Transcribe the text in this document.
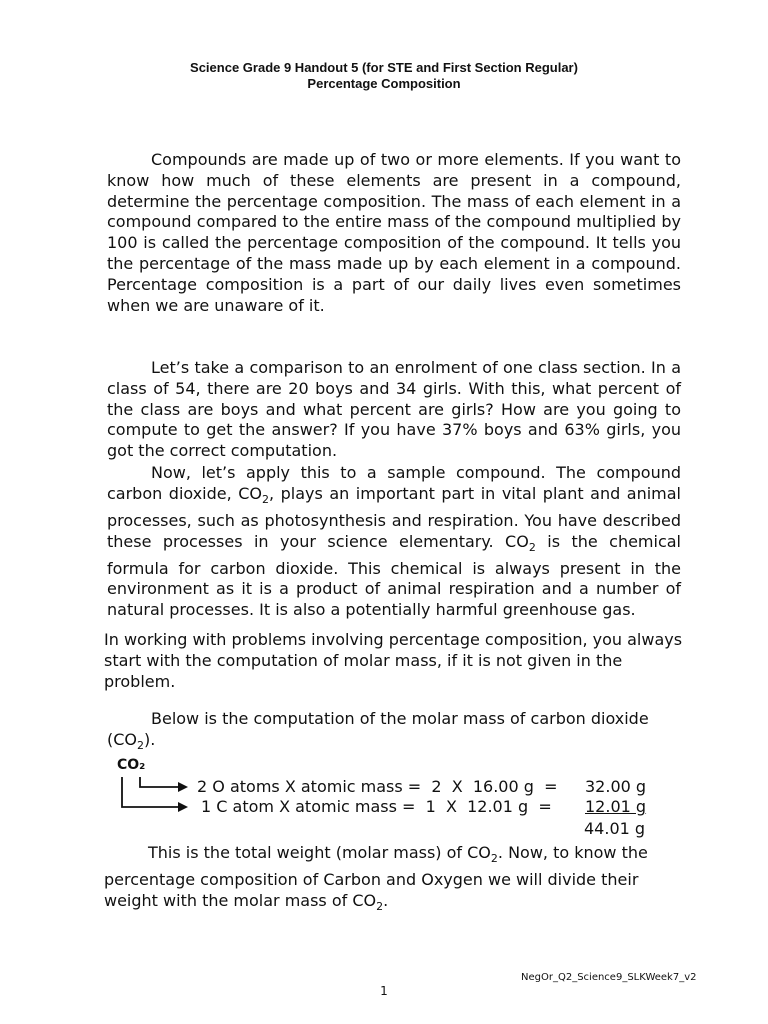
Science Grade 9 Handout 5 (for STE and First Section Regular)
Percentage Composition

Compounds are made up of two or more elements. If you want to know how much of these elements are present in a compound, determine the percentage composition. The mass of each element in a compound compared to the entire mass of the compound multiplied by 100 is called the percentage composition of the compound. It tells you the percentage of the mass made up by each element in a compound. Percentage composition is a part of our daily lives even sometimes when we are unaware of it.

Let’s take a comparison to an enrolment of one class section. In a class of 54, there are 20 boys and 34 girls. With this, what percent of the class are boys and what percent are girls? How are you going to compute to get the answer? If you have 37% boys and 63% girls, you got the correct computation.

Now, let’s apply this to a sample compound. The compound carbon dioxide, $CO_2$, plays an important part in vital plant and animal processes, such as photosynthesis and respiration. You have described these processes in your science elementary. $CO_2$ is the chemical formula for carbon dioxide. This chemical is always present in the environment as it is a product of animal respiration and a number of natural processes. It is also a potentially harmful greenhouse gas.

In working with problems involving percentage composition, you always start with the computation of molar mass, if it is not given in the problem.

Below is the computation of the molar mass of carbon dioxide $(CO_2)$.

CO₂
2 O atoms X atomic mass =  2  X  16.00 g  = 32.00 g
1 C atom X atomic mass =  1  X  12.01 g  = 12.01 g
44.01 g

This is the total weight (molar mass) of $CO_2$. Now, to know the percentage composition of Carbon and Oxygen we will divide their weight with the molar mass of $CO_2$.

NegOr_Q2_Science9_SLKWeek7_v2
1
